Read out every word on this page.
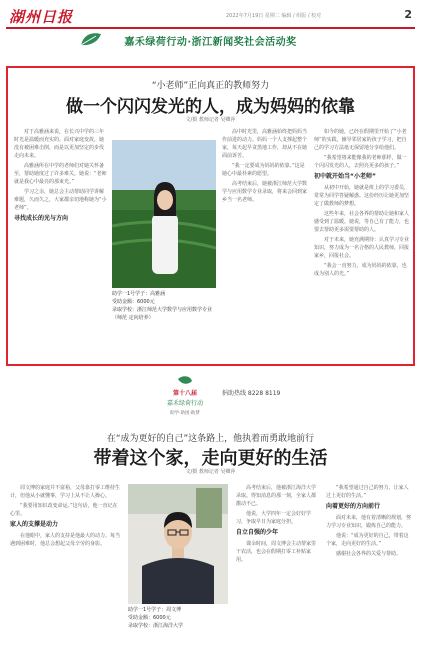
湖州日报	2022年7月19日 星期二 编辑 / 组版 / 校对	2
嘉禾绿荷行动·浙江新闻奖社会活动奖
“小老师”正向真正的教师努力
做一个闪闪发光的人，成为妈妈的依靠
文/摄 教师记者 吴卿萍

对于高雅涵来说，在长兴中学的三年时光是温暖而充实的。面对家庭变故，她没有被困难击倒，而是以更加坚定的步伐走向未来。

高雅涵所在中学的老师们对她关怀备至，帮助她度过了许多难关。她说：“老师就是我心中最亮的那束光。”

学习之余，她总会主动帮助同学讲解难题，久而久之，大家都亲切地称她为“小老师”。

寻找成长的光与方向

助学一1号学子：高雅涵
受助金额：6000元
录取学校：浙江师范大学数学与应用数学专业（师范 定向培养）

高中时光里，高雅涵始终把妈妈当作前进的动力。妈妈一个人支撑起整个家，每天起早贪黑地工作，却从不在她面前诉苦。

“我一定要成为妈妈的依靠。”这是她心中最朴素的愿望。

高考结束后，她被浙江师范大学数学与应用数学专业录取，将来会回到家乡当一名老师。

如今的她，已经在假期里开始了“小老师”的实践，辅导邻居家的孩子学习，把自己的学习方法毫无保留地分享给他们。

“我希望将来能像我的老师那样，做一个闪闪发光的人，去照亮更多的孩子。”

初中就开始当“小老师”

从初中开始，她就是班上的学习委员，常常为同学答疑解惑。这份经历让她更加坚定了做教师的梦想。

这些年来，社会各界的帮助让她和家人感受到了温暖。她说，等自己有了能力，也要去帮助更多需要帮助的人。

对于未来，她充满期待：认真学习专业知识，努力成为一名合格的人民教师，回报家乡，回报社会。

“我会一直努力，成为妈妈的依靠，也成为别人的光。”

第十八届
嘉禾绿荷行动
助学·助困·助梦
捐助热线 8228 8119
在“成为更好的自己”这条路上，他执着而勇敢地前行
带着这个家，走向更好的生活
文/摄 教师记者 吴卿萍

周文博的家庭并不富裕，父母靠打零工维持生计，但他从小就懂事，学习上从不让人操心。

“我要用知识改变命运。”这句话，他一直记在心里。

家人的支撑是动力

在他眼中，家人的支持是他最大的动力。每当遇到困难时，他总会想起父母辛劳的身影。

助学一1号学子：周文博
受助金额：6000元
录取学校：浙江海洋大学

高考结束后，他被浙江海洋大学录取。得知消息的那一刻，全家人都激动不已。

他说，大学四年一定会好好学习，争取早日为家庭分担。

自立自强的少年

课余时间，周文博会主动帮家里干农活，也会在假期打零工补贴家用。

“我希望通过自己的努力，让家人过上更好的生活。”

向着更好的方向前行

面对未来，他有着清晰的规划，努力学习专业知识，锻炼自己的能力。

他说：“成为更好的自己，带着这个家，走向更好的生活。”

感谢社会各界的关爱与帮助。
